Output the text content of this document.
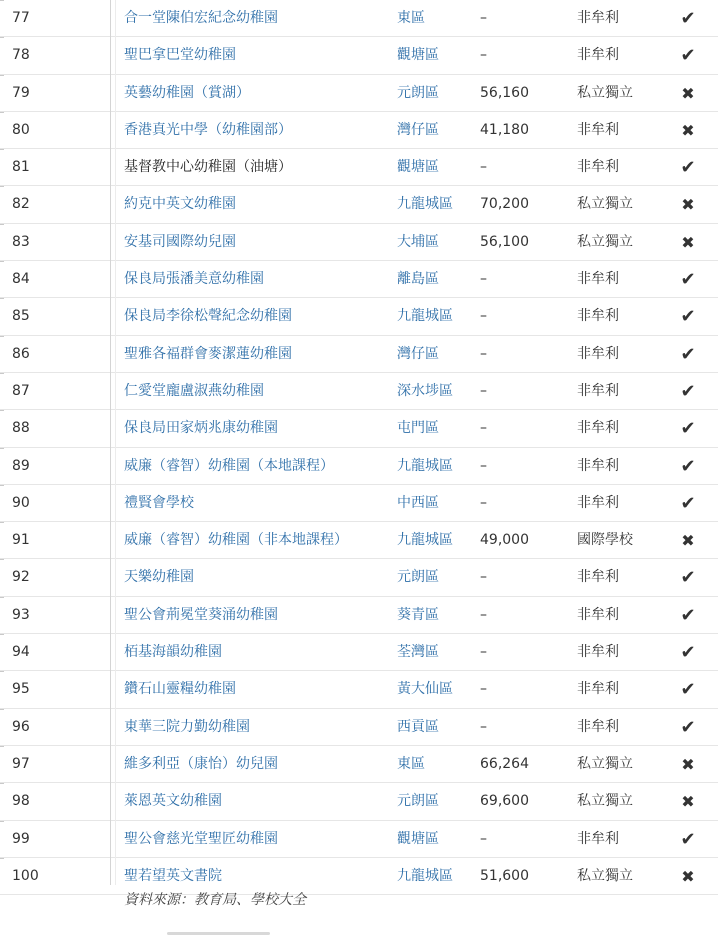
77	合一堂陳伯宏紀念幼稚園	東區	–	非牟利	✔
78	聖巴拿巴堂幼稚園	觀塘區	–	非牟利	✔
79	英藝幼稚園（賞湖）	元朗區	56,160	私立獨立	✖
80	香港真光中學（幼稚園部）	灣仔區	41,180	非牟利	✖
81	基督教中心幼稚園（油塘）	觀塘區	–	非牟利	✔
82	約克中英文幼稚園	九龍城區 70,200	私立獨立	✖
83	安基司國際幼兒園	大埔區	56,100	私立獨立	✖
84	保良局張潘美意幼稚園	離島區	–	非牟利	✔
85	保良局李徐松聲紀念幼稚園	九龍城區 –	非牟利	✔
86	聖雅各福群會麥潔蓮幼稚園	灣仔區	–	非牟利	✔
87	仁愛堂龐盧淑燕幼稚園	深水埗區 –	非牟利	✔
88	保良局田家炳兆康幼稚園	屯門區	–	非牟利	✔
89	威廉（睿智）幼稚園（本地課程）	九龍城區 –	非牟利	✔
90	禮賢會學校	中西區	–	非牟利	✔
91	威廉（睿智）幼稚園（非本地課程）	九龍城區 49,000	國際學校	✖
92	天樂幼稚園	元朗區	–	非牟利	✔
93	聖公會荊冕堂葵涌幼稚園	葵青區	–	非牟利	✔
94	栢基海韻幼稚園	荃灣區	–	非牟利	✔
95	鑽石山靈糧幼稚園	黃大仙區 –	非牟利	✔
96	東華三院力勤幼稚園	西貢區	–	非牟利	✔
97	維多利亞（康怡）幼兒園	東區	66,264	私立獨立	✖
98	萊恩英文幼稚園	元朗區	69,600	私立獨立	✖
99	聖公會慈光堂聖匠幼稚園	觀塘區	–	非牟利	✔
100	聖若望英文書院	九龍城區 51,600	私立獨立	✖
資料來源：教育局、學校大全
